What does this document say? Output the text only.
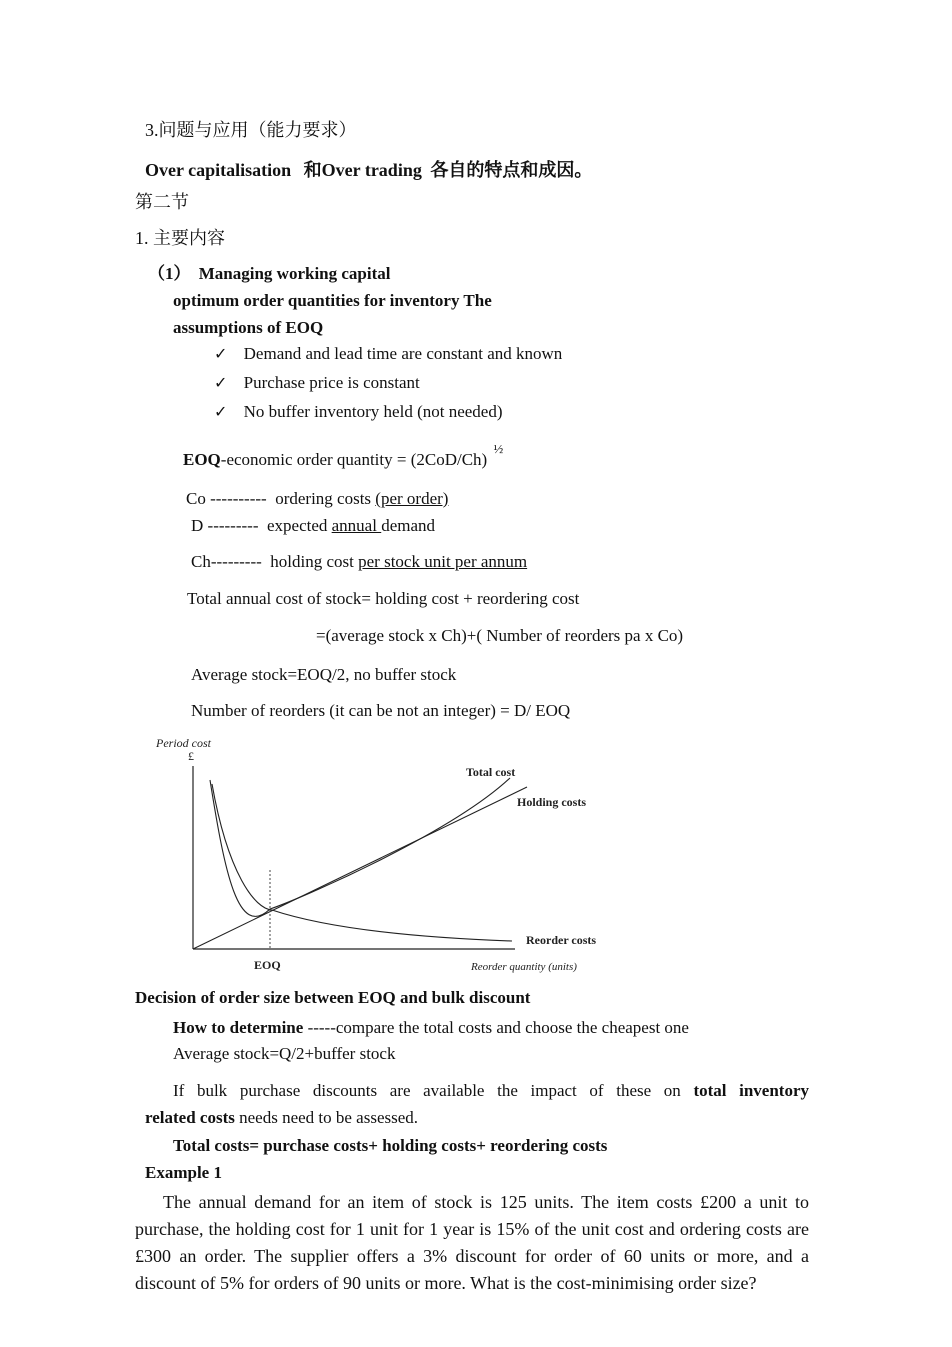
3.问题与应用（能力要求）
Over capitalisation 和Over trading 各自的特点和成因。
第二节
1. 主要内容
（1） Managing working capital
optimum order quantities for inventory The
assumptions of EOQ
✓ Demand and lead time are constant and known
✓ Purchase price is constant
✓ No buffer inventory held (not needed)
EOQ-economic order quantity = (2CoD/Ch) $^{\frac{1}{2}}$
Co ----------  ordering costs (per order)
D ---------  expected annual demand
Ch---------  holding cost per stock unit per annum
Total annual cost of stock= holding cost + reordering cost
=(average stock x Ch)+( Number of reorders pa x Co)
Average stock=EOQ/2, no buffer stock
Number of reorders (it can be not an integer) = D/ EOQ
Period cost
£
Total cost
Holding costs
Reorder costs
EOQ	Reorder quantity (units)
Decision of order size between EOQ and bulk discount
How to determine -----compare the total costs and choose the cheapest one
Average stock=Q/2+buffer stock
If bulk purchase discounts are available the impact of these on total inventory
related costs needs need to be assessed.
Total costs= purchase costs+ holding costs+ reordering costs
Example 1
The annual demand for an item of stock is 125 units. The item costs £200 a unit to purchase, the holding cost for 1 unit for 1 year is 15% of the unit cost and ordering costs are £300 an order. The supplier offers a 3% discount for order of 60 units or more, and a discount of 5% for orders of 90 units or more. What is the cost-minimising order size?
